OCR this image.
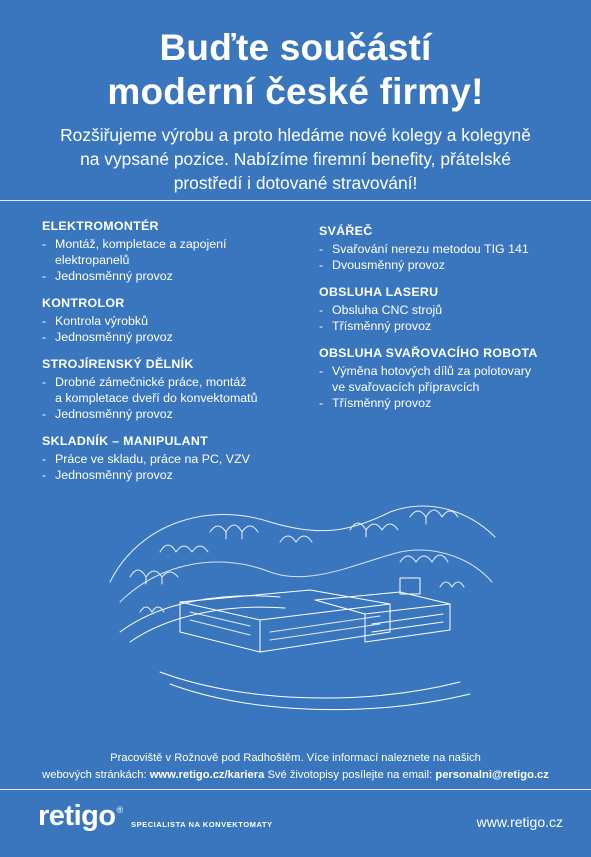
Buďte součástí
moderní české firmy!
Rozšiřujeme výrobu a proto hledáme nové kolegy a kolegyně
na vypsané pozice. Nabízíme firemní benefity, přátelské
prostředí i dotované stravování!
ELEKTROMONTÉR
- Montáž, kompletace a zapojení
elektropanelů
- Jednosměnný provoz
KONTROLOR
- Kontrola výrobků
- Jednosměnný provoz
STROJÍRENSKÝ DĚLNÍK
- Drobné zámečnické práce, montáž
a kompletace dveří do konvektomatů
- Jednosměnný provoz
SKLADNÍK – MANIPULANT
- Práce ve skladu, práce na PC, VZV
- Jednosměnný provoz
SVÁŘEČ
- Svařování nerezu metodou TIG 141
- Dvousměnný provoz
OBSLUHA LASERU
- Obsluha CNC strojů
- Třísměnný provoz
OBSLUHA SVAŘOVACÍHO ROBOTA
- Výměna hotových dílů za polotovary
ve svařovacích přípravcích
- Třísměnný provoz
Pracoviště v Rožnově pod Radhoštěm. Více informací naleznete na našich
webových stránkách: www.retigo.cz/kariera Své životopisy posílejte na email: personalni@retigo.cz
retigo ®
SPECIALISTA NA KONVEKTOMATY	www.retigo.cz
